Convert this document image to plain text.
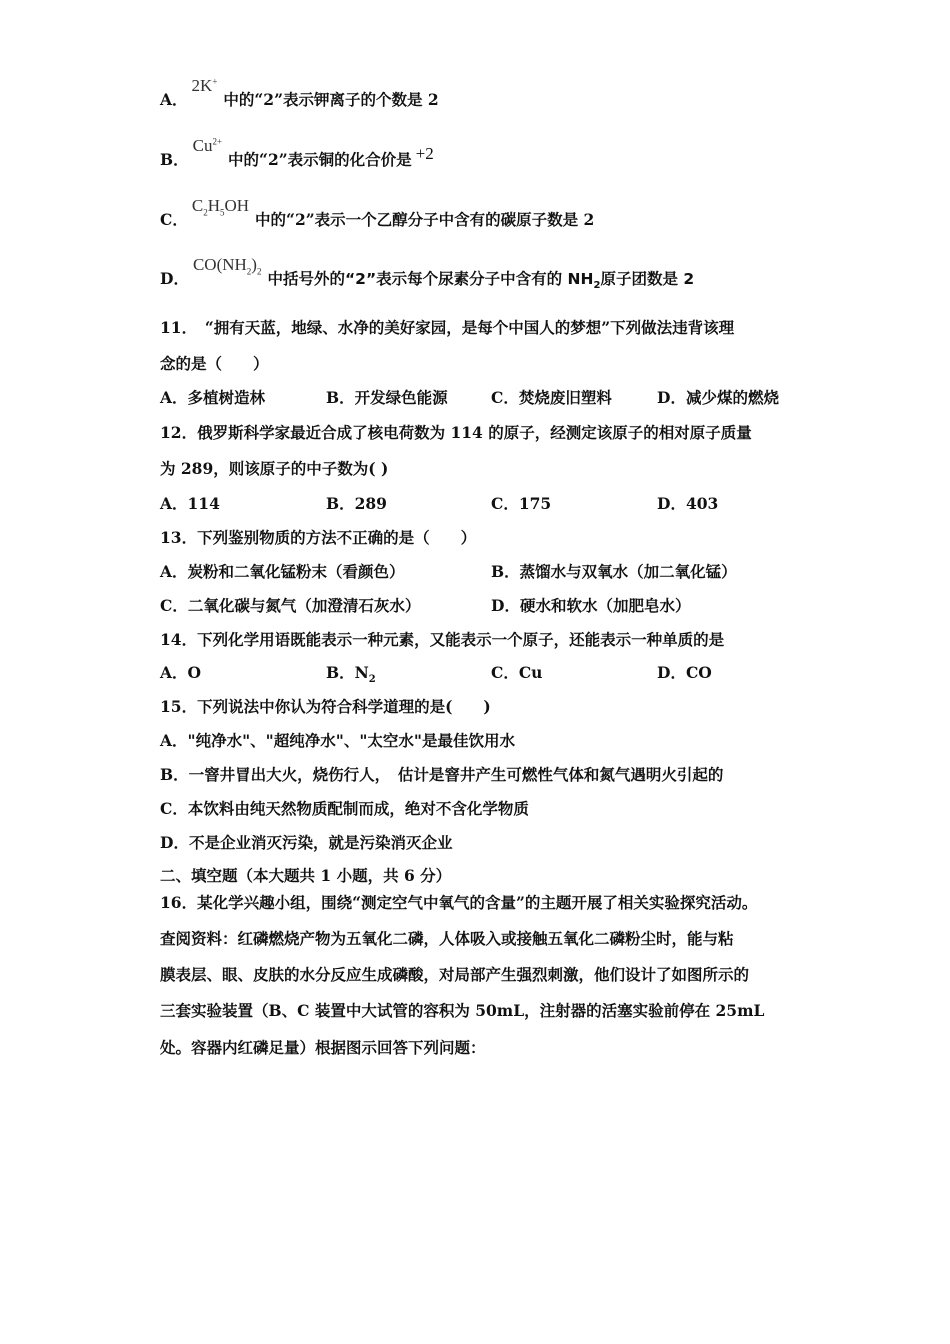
A．2K+中的“2”表示钾离子的个数是 2
B．$Cu^{2+}$中的“2”表示铜的化合价是 +2
C．$C_2H_5OH$中的“2”表示一个乙醇分子中含有的碳原子数是 2
D．$CO(NH_2)_2$ 中括号外的“2”表示每个尿素分子中含有的 $NH_2$原子团数是 2
11．　“拥有天蓝，地绿、水净的美好家园，是每个中国人的梦想”下列做法违背该理
念的是（　　）
A．多植树造林	B．开发绿色能源	C．焚烧废旧塑料	D．减少煤的燃烧
12．俄罗斯科学家最近合成了核电荷数为 114 的原子，经测定该原子的相对原子质量
为 289，则该原子的中子数为( )
A．114	B．289	C．175	D．403
13．下列鉴别物质的方法不正确的是（　　）
A．炭粉和二氧化锰粉末（看颜色）	B．蒸馏水与双氧水（加二氧化锰）
C．二氧化碳与氮气（加澄清石灰水）	D．硬水和软水（加肥皂水）
14．下列化学用语既能表示一种元素，又能表示一个原子，还能表示一种单质的是
A．O	B．$N_2$	C．Cu	D．CO
15．下列说法中你认为符合科学道理的是(　　)
A．"纯净水"、"超纯净水"、"太空水"是最佳饮用水
B．一窨井冒出大火，烧伤行人，　估计是窨井产生可燃性气体和氮气遇明火引起的
C．本饮料由纯天然物质配制而成，绝对不含化学物质
D．不是企业消灭污染，就是污染消灭企业
二、填空题（本大题共 1 小题，共 6 分）
16．某化学兴趣小组，围绕“测定空气中氧气的含量”的主题开展了相关实验探究活动。
查阅资料：红磷燃烧产物为五氧化二磷，人体吸入或接触五氧化二磷粉尘时，能与粘
膜表层、眼、皮肤的水分反应生成磷酸，对局部产生强烈刺激，他们设计了如图所示的
三套实验装置（B、C 装置中大试管的容积为 50mL，注射器的活塞实验前停在 25mL
处。容器内红磷足量）根据图示回答下列问题：
